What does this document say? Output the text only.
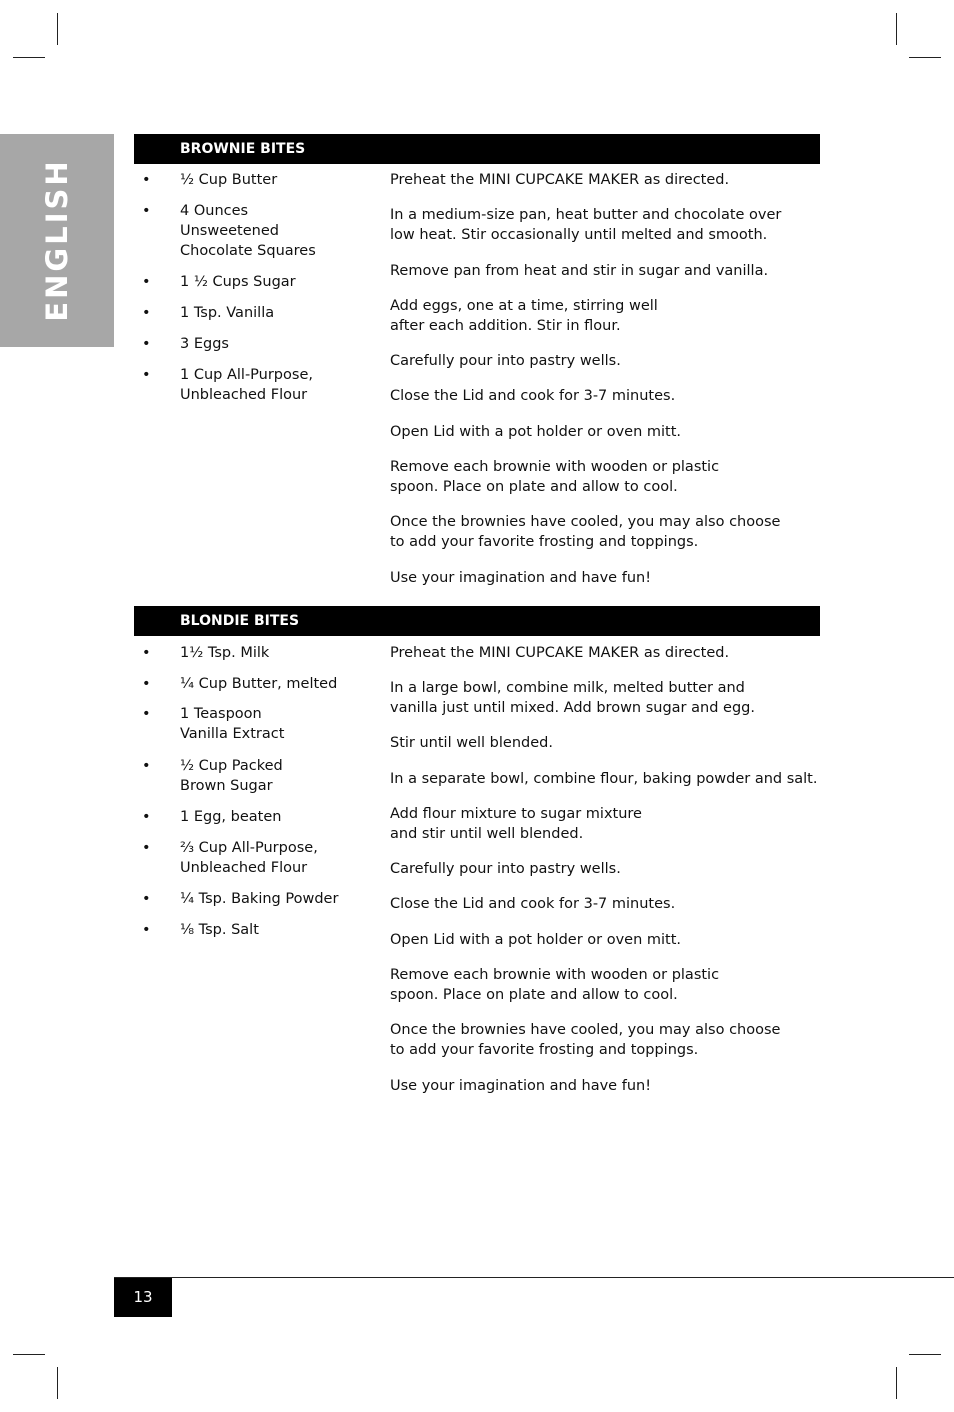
ENGLISH
BROWNIE BITES
• ½ Cup Butter
• 4 Ounces
Unsweetened
Chocolate Squares
• 1 ½ Cups Sugar
• 1 Tsp. Vanilla
• 3 Eggs
• 1 Cup All-Purpose,
Unbleached Flour
Preheat the MINI CUPCAKE MAKER as directed.
In a medium-size pan, heat butter and chocolate over
low heat. Stir occasionally until melted and smooth.
Remove pan from heat and stir in sugar and vanilla.
Add eggs, one at a time, stirring well
after each addition. Stir in flour.
Carefully pour into pastry wells.
Close the Lid and cook for 3-7 minutes.
Open Lid with a pot holder or oven mitt.
Remove each brownie with wooden or plastic
spoon. Place on plate and allow to cool.
Once the brownies have cooled, you may also choose
to add your favorite frosting and toppings.
Use your imagination and have fun!
BLONDIE BITES
• 1½ Tsp. Milk
• ¼ Cup Butter, melted
• 1 Teaspoon
Vanilla Extract
• ½ Cup Packed
Brown Sugar
• 1 Egg, beaten
• ⅔ Cup All-Purpose,
Unbleached Flour
• ¼ Tsp. Baking Powder
• ⅛ Tsp. Salt
Preheat the MINI CUPCAKE MAKER as directed.
In a large bowl, combine milk, melted butter and
vanilla just until mixed. Add brown sugar and egg.
Stir until well blended.
In a separate bowl, combine flour, baking powder and salt.
Add flour mixture to sugar mixture
and stir until well blended.
Carefully pour into pastry wells.
Close the Lid and cook for 3-7 minutes.
Open Lid with a pot holder or oven mitt.
Remove each brownie with wooden or plastic
spoon. Place on plate and allow to cool.
Once the brownies have cooled, you may also choose
to add your favorite frosting and toppings.
Use your imagination and have fun!
13
